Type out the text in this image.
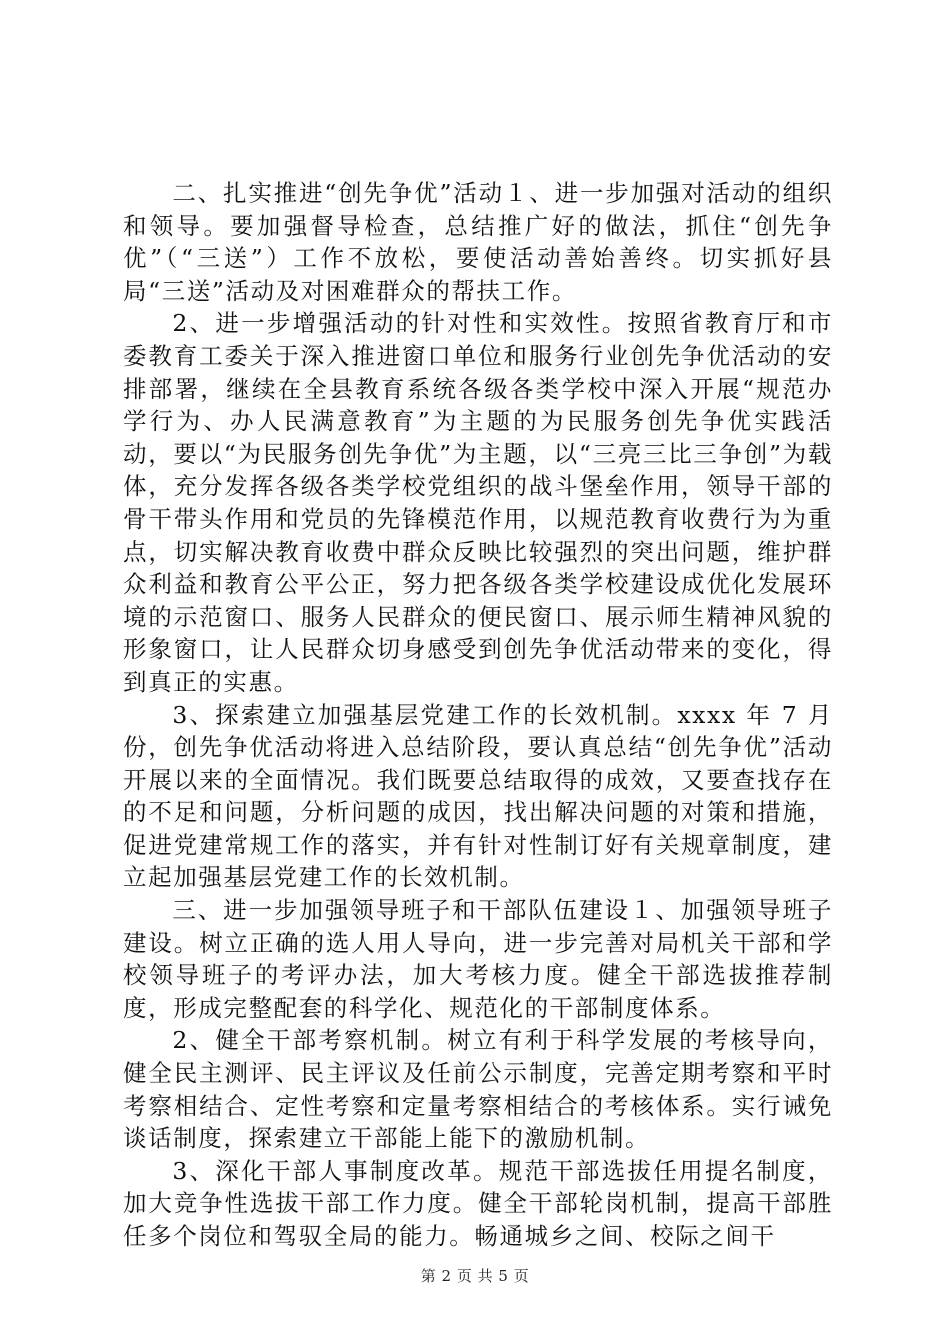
二、扎实推进“创先争优”活动１、进一步加强对活动的组织和领导。要加强督导检查，总结推广好的做法，抓住“创先争优”（“三送”）工作不放松，要使活动善始善终。切实抓好县局“三送”活动及对困难群众的帮扶工作。

2、进一步增强活动的针对性和实效性。按照省教育厅和市委教育工委关于深入推进窗口单位和服务行业创先争优活动的安排部署，继续在全县教育系统各级各类学校中深入开展“规范办学行为、办人民满意教育”为主题的为民服务创先争优实践活动，要以“为民服务创先争优”为主题，以“三亮三比三争创”为载体，充分发挥各级各类学校党组织的战斗堡垒作用，领导干部的骨干带头作用和党员的先锋模范作用，以规范教育收费行为为重点，切实解决教育收费中群众反映比较强烈的突出问题，维护群众利益和教育公平公正，努力把各级各类学校建设成优化发展环境的示范窗口、服务人民群众的便民窗口、展示师生精神风貌的形象窗口，让人民群众切身感受到创先争优活动带来的变化，得到真正的实惠。

3、探索建立加强基层党建工作的长效机制。xxxx 年 7 月份，创先争优活动将进入总结阶段，要认真总结“创先争优”活动开展以来的全面情况。我们既要总结取得的成效，又要查找存在的不足和问题，分析问题的成因，找出解决问题的对策和措施，促进党建常规工作的落实，并有针对性制订好有关规章制度，建立起加强基层党建工作的长效机制。

三、进一步加强领导班子和干部队伍建设１、加强领导班子建设。树立正确的选人用人导向，进一步完善对局机关干部和学校领导班子的考评办法，加大考核力度。健全干部选拔推荐制度，形成完整配套的科学化、规范化的干部制度体系。

2、健全干部考察机制。树立有利于科学发展的考核导向，健全民主测评、民主评议及任前公示制度，完善定期考察和平时考察相结合、定性考察和定量考察相结合的考核体系。实行诫免谈话制度，探索建立干部能上能下的激励机制。

3、深化干部人事制度改革。规范干部选拔任用提名制度，加大竞争性选拔干部工作力度。健全干部轮岗机制，提高干部胜任多个岗位和驾驭全局的能力。畅通城乡之间、校际之间干

第 2 页 共 5 页
